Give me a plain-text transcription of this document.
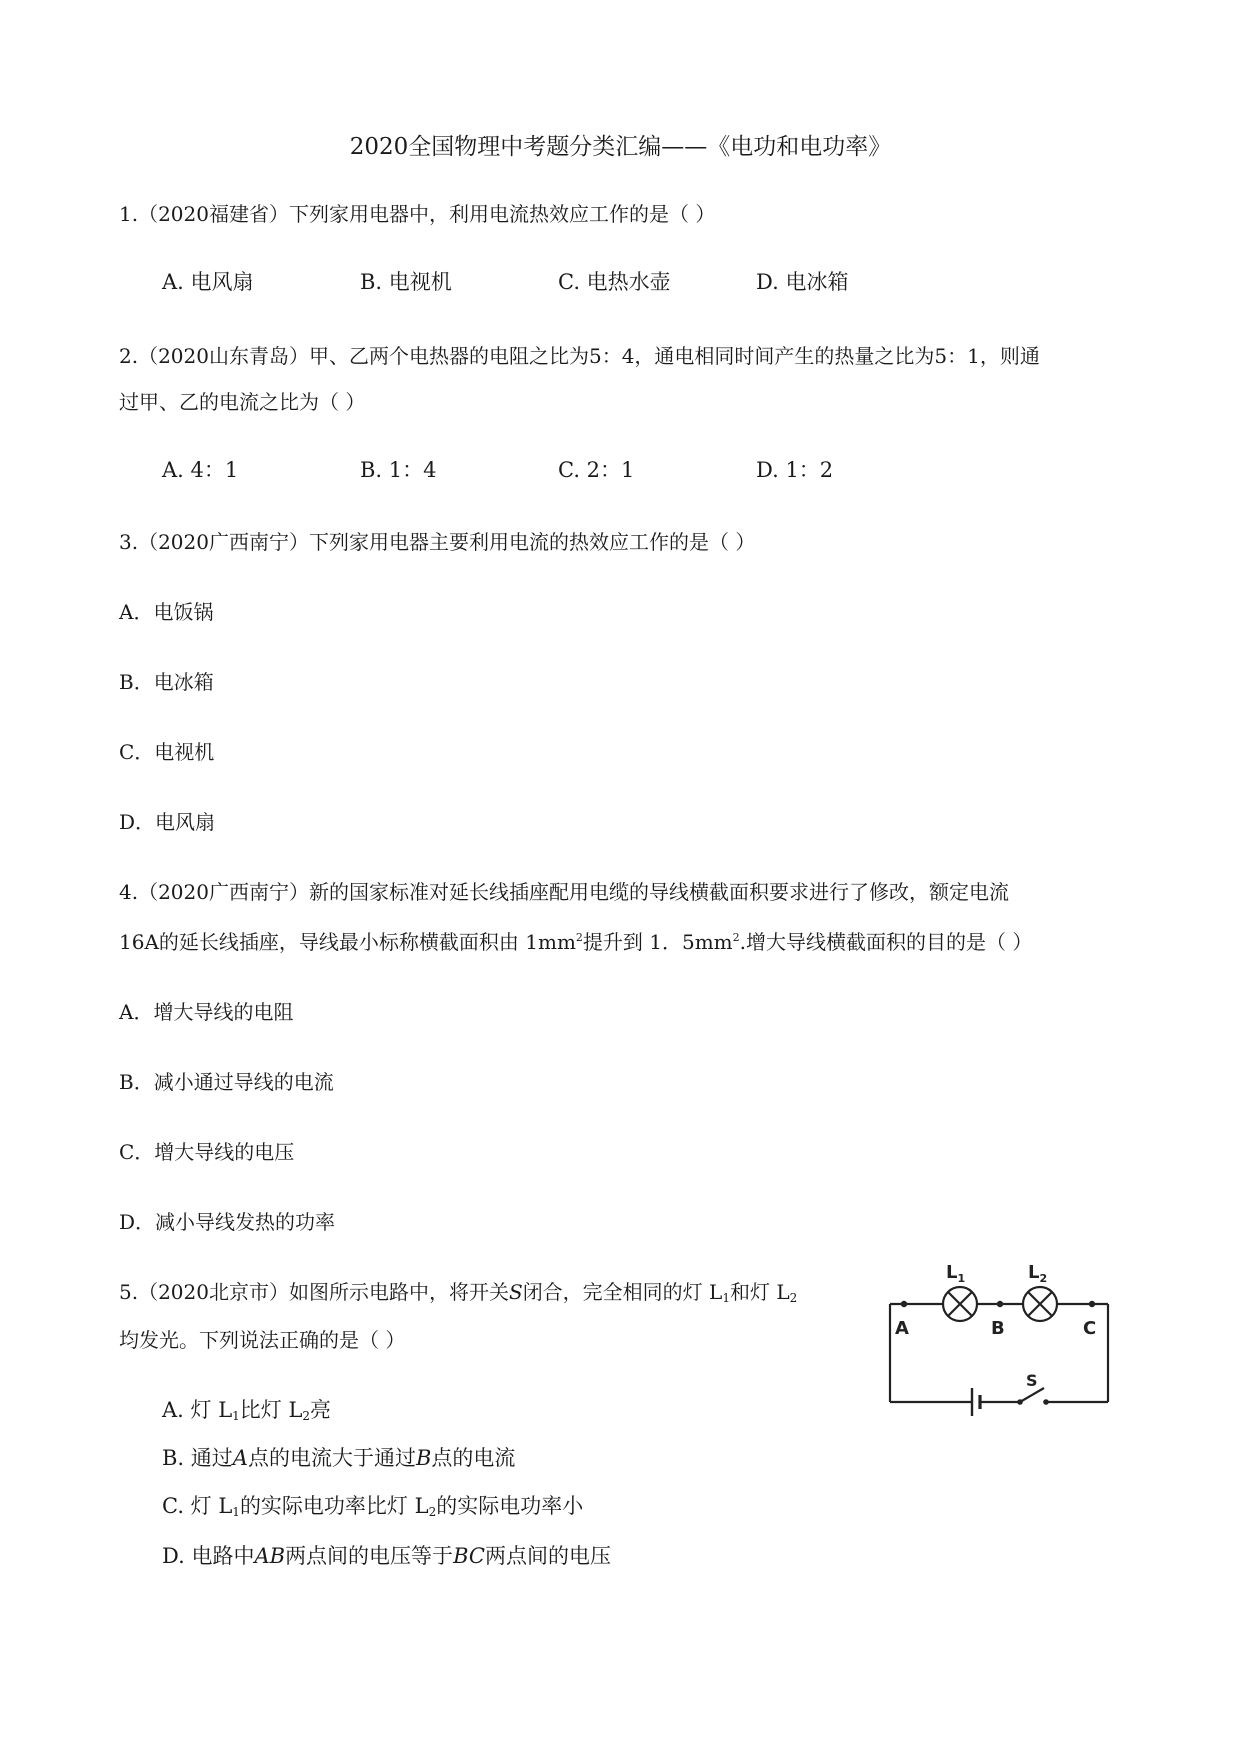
2020全国物理中考题分类汇编——《电功和电功率》
1.（2020福建省）下列家用电器中，利用电流热效应工作的是（ ）
A. 电风扇	B. 电视机	C. 电热水壶	D. 电冰箱
2.（2020山东青岛）甲、乙两个电热器的电阻之比为5：4，通电相同时间产生的热量之比为5：1，则通
过甲、乙的电流之比为（ ）
A. 4：1	B. 1：4	C. 2：1	D. 1：2
3.（2020广西南宁）下列家用电器主要利用电流的热效应工作的是（ ）
A．电饭锅
B．电冰箱
C．电视机
D．电风扇
4.（2020广西南宁）新的国家标准对延长线插座配用电缆的导线横截面积要求进行了修改，额定电流
16A的延长线插座，导线最小标称横截面积由 $1mm^2$提升到 1．$5mm^2$.增大导线横截面积的目的是（ ）
A．增大导线的电阻
B．减小通过导线的电流
C．增大导线的电压
D．减小导线发热的功率
5.（2020北京市）如图所示电路中，将开关S闭合，完全相同的灯 $L_1$和灯 $L_2$
均发光。下列说法正确的是（ ）
A. 灯 $L_1$比灯 $L_2$亮
B. 通过A点的电流大于通过B点的电流
C. 灯 $L_1$的实际电功率比灯 $L_2$的实际电功率小
D. 电路中AB两点间的电压等于BC两点间的电压
$L_1$	$L_2$
A	B	C
S
